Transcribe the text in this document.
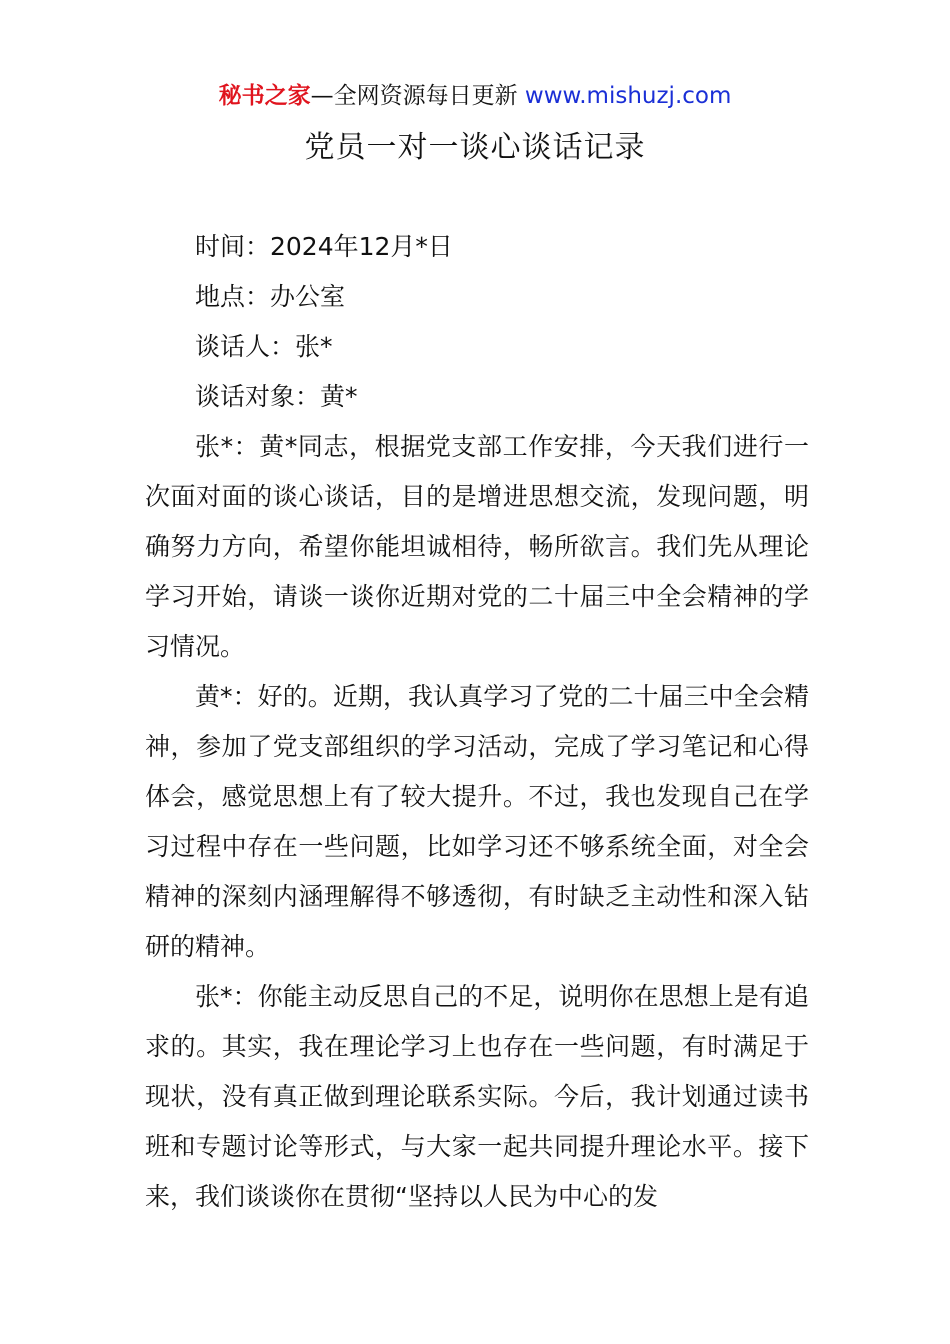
秘书之家—全网资源每日更新 www.mishuzj.com
党员一对一谈心谈话记录
时间：2024年12月*日
地点：办公室
谈话人：张*
谈话对象：黄*

张*：黄*同志，根据党支部工作安排，今天我们进行一次面对面的谈心谈话，目的是增进思想交流，发现问题，明确努力方向，希望你能坦诚相待，畅所欲言。我们先从理论学习开始，请谈一谈你近期对党的二十届三中全会精神的学习情况。

黄*：好的。近期，我认真学习了党的二十届三中全会精神，参加了党支部组织的学习活动，完成了学习笔记和心得体会，感觉思想上有了较大提升。不过，我也发现自己在学习过程中存在一些问题，比如学习还不够系统全面，对全会精神的深刻内涵理解得不够透彻，有时缺乏主动性和深入钻研的精神。

张*：你能主动反思自己的不足，说明你在思想上是有追求的。其实，我在理论学习上也存在一些问题，有时满足于现状，没有真正做到理论联系实际。今后，我计划通过读书班和专题讨论等形式，与大家一起共同提升理论水平。接下来，我们谈谈你在贯彻“坚持以人民为中心的发
